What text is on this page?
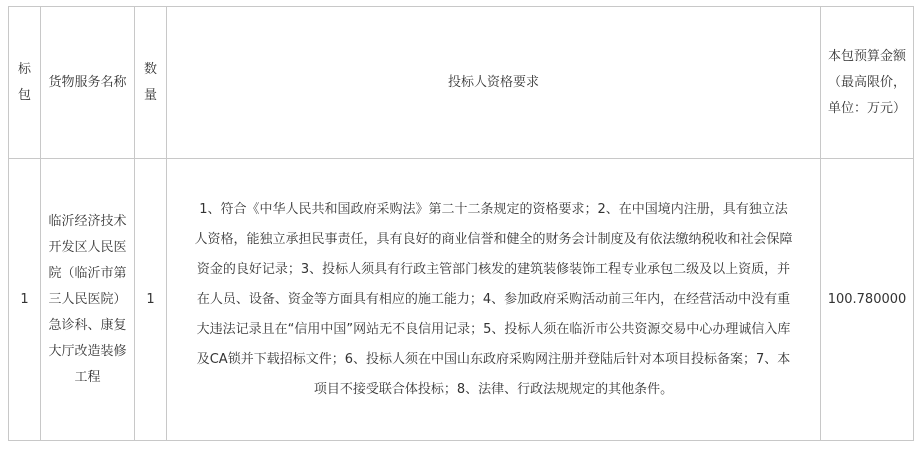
标包	货物服务名称	数量	投标人资格要求	本包预算金额（最高限价，单位：万元）

1	临沂经济技术开发区人民医院（临沂市第三人民医院）急诊科、康复大厅改造装修工程	1	1、符合《中华人民共和国政府采购法》第二十二条规定的资格要求；2、在中国境内注册，具有独立法人资格，能独立承担民事责任，具有良好的商业信誉和健全的财务会计制度及有依法缴纳税收和社会保障资金的良好记录；3、投标人须具有行政主管部门核发的建筑装修装饰工程专业承包二级及以上资质，并在人员、设备、资金等方面具有相应的施工能力；4、参加政府采购活动前三年内，在经营活动中没有重大违法记录且在“信用中国”网站无不良信用记录；5、投标人须在临沂市公共资源交易中心办理诚信入库及CA锁并下载招标文件；6、投标人须在中国山东政府采购网注册并登陆后针对本项目投标备案；7、本项目不接受联合体投标；8、法律、行政法规规定的其他条件。	100.780000
